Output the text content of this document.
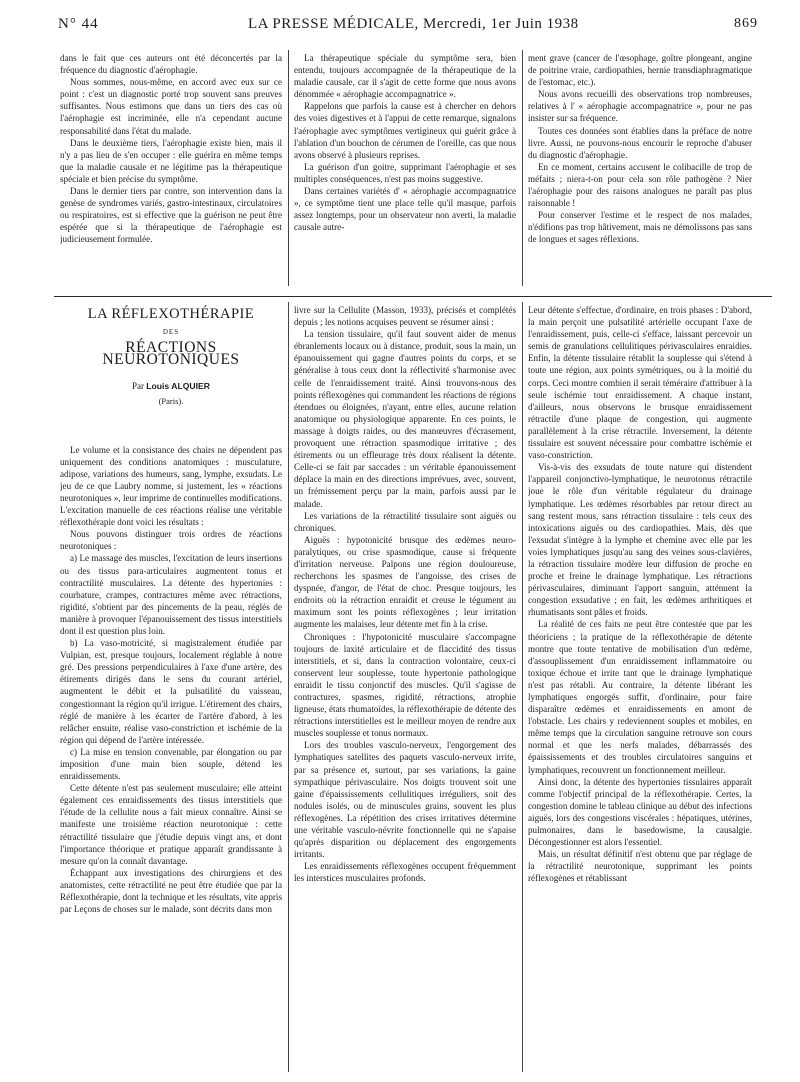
N° 44	LA PRESSE MÉDICALE, Mercredi, 1er Juin 1938	869

dans le fait que ces auteurs ont été déconcertés par la fréquence du diagnostic d'aérophagie.

Nous sommes, nous-même, en accord avec eux sur ce point : c'est un diagnostic porté trop souvent sans preuves suffisantes. Nous estimons que dans un tiers des cas où l'aérophagie est incriminée, elle n'a cependant aucune responsabilité dans l'état du malade.

Dans le deuxième tiers, l'aérophagie existe bien, mais il n'y a pas lieu de s'en occuper : elle guérira en même temps que la maladie causale et ne légitime pas la thérapeutique spéciale et bien précise du symptôme.

Dans le dernier tiers par contre, son intervention dans la genèse de syndromes variés, gastro-intestinaux, circulatoires ou respiratoires, est si effective que la guérison ne peut être espérée que si la thérapeutique de l'aérophagie est judicieusement formulée.

La thérapeutique spéciale du symptôme sera, bien entendu, toujours accompagnée de la thérapeutique de la maladie causale, car il s'agit de cette forme que nous avons dénommée « aérophagie accompagnatrice ».

Rappelons que parfois la cause est à chercher en dehors des voies digestives et à l'appui de cette remarque, signalons l'aérophagie avec symptômes vertigineux qui guérit grâce à l'ablation d'un bouchon de cérumen de l'oreille, cas que nous avons observé à plusieurs reprises.

La guérison d'un goitre, supprimant l'aérophagie et ses multiples conséquences, n'est pas moins suggestive.

Dans certaines variétés d' « aérophagie accompagnatrice », ce symptôme tient une place telle qu'il masque, parfois assez longtemps, pour un observateur non averti, la maladie causale autre-

ment grave (cancer de l'œsophage, goître plongeant, angine de poitrine vraie, cardiopathies, hernie transdiaphragmatique de l'estomac, etc.).

Nous avons recueilli des observations trop nombreuses, relatives à l' « aérophagie accompagnatrice », pour ne pas insister sur sa fréquence.

Toutes ces données sont établies dans la préface de notre livre. Aussi, ne pouvons-nous encourir le reproche d'abuser du diagnostic d'aérophagie.

En ce moment, certains accusent le colibacille de trop de méfaits ; niera-t-on pour cela son rôle pathogène ? Nier l'aérophagie pour des raisons analogues ne paraît pas plus raisonnable !

Pour conserver l'estime et le respect de nos malades, n'édifions pas trop hâtivement, mais ne démolissons pas sans de longues et sages réflexions.

LA RÉFLEXOTHÉRAPIE
DES
RÉACTIONS NEUROTONIQUES
Par Louis ALQUIER
(Paris).

Le volume et la consistance des chairs ne dépendent pas uniquement des conditions anatomiques : musculature, adipose, variations des humeurs, sang, lymphe, exsudats. Le jeu de ce que Laubry nomme, si justement, les « réactions neurotoniques », leur imprime de continuelles modifications. L'excitation manuelle de ces réactions réalise une véritable réflexothérapie dont voici les résultats :

Nous pouvons distinguer trois ordres de réactions neurotoniques :

a) Le massage des muscles, l'excitation de leurs insertions ou des tissus para-articulaires augmentent tonus et contractilité musculaires. La détente des hypertonies : courbature, crampes, contractures même avec rétractions, rigidité, s'obtient par des pincements de la peau, réglés de manière à provoquer l'épanouissement des tissus interstitiels dont il est question plus loin.

b) La vaso-motricité, si magistralement étudiée par Vulpian, est, presque toujours, localement réglable à notre gré. Des pressions perpendiculaires à l'axe d'une artère, des étirements dirigés dans le sens du courant artériel, augmentent le débit et la pulsatilité du vaisseau, congestionnant la région qu'il irrigue. L'étirement des chairs, réglé de manière à les écarter de l'artère d'abord, à les relâcher ensuite, réalise vaso-constriction et ischémie de la région qui dépend de l'artère intéressée.

c) La mise en tension convenable, par élongation ou par imposition d'une main bien souple, détend les enraidissements.

Cette détente n'est pas seulement musculaire; elle atteint également ces enraidissements des tissus interstitiels que l'étude de la cellulite nous a fait mieux connaître. Ainsi se manifeste une troisième réaction neurotonique : cette rétractilité tissulaire que j'étudie depuis vingt ans, et dont l'importance théorique et pratique apparaît grandissante à mesure qu'on la connaît davantage.

Échappant aux investigations des chirurgiens et des anatomistes, cette rétractilité ne peut être étudiée que par la Réflexothérapie, dont la technique et les résultats, vite appris par Leçons de choses sur le malade, sont décrits dans mon

livre sur la Cellulite (Masson, 1933), précisés et complétés depuis ; les notions acquises peuvent se résumer ainsi :

La tension tissulaire, qu'il faut souvent aider de menus ébranlements locaux ou à distance, produit, sous la main, un épanouissement qui gagne d'autres points du corps, et se généralise à tous ceux dont la réflectivité s'harmonise avec celle de l'enraidissement traité. Ainsi trouvons-nous des points réflexogènes qui commandent les réactions de régions étendues ou éloignées, n'ayant, entre elles, aucune relation anatomique ou physiologique apparente. En ces points, le massage à doigts raides, ou des manœuvres d'écrasement, provoquent une rétraction spasmodique irritative ; des étirements ou un effleurage très doux réalisent la détente. Celle-ci se fait par saccades : un véritable épanouissement déplace la main en des directions imprévues, avec, souvent, un frémissement perçu par la main, parfois aussi par le malade.

Les variations de la rétractilité tissulaire sont aiguës ou chroniques.

Aiguës : hypotonicité brusque des œdèmes neuro-paralytiques, ou crise spasmodique, cause si fréquente d'irritation nerveuse. Palpons une région douloureuse, recherchons les spasmes de l'angoisse, des crises de dyspnée, d'angor, de l'état de choc. Presque toujours, les endroits où la rétraction enraidit et creuse le tégument au maximum sont les points réflexogènes ; leur irritation augmente les malaises, leur détente met fin à la crise.

Chroniques : l'hypotonicité musculaire s'accompagne toujours de laxité articulaire et de flaccidité des tissus interstitiels, et si, dans la contraction volontaire, ceux-ci conservent leur souplesse, toute hypertonie pathologique enraidit le tissu conjonctif des muscles. Qu'il s'agisse de contractures, spasmes, rigidité, rétractions, atrophie ligneuse, états rhumatoïdes, la réflexothérapie de détente des rétractions interstitielles est le meilleur moyen de rendre aux muscles souplesse et tonus normaux.

Lors des troubles vasculo-nerveux, l'engorgement des lymphatiques satellites des paquets vasculo-nerveux irrite, par sa présence et, surtout, par ses variations, la gaine sympathique périvasculaire. Nos doigts trouvent soit une gaine d'épaississements cellulitiques irréguliers, soit des nodules isolés, ou de minuscules grains, souvent les plus réflexogènes. La répétition des crises irritatives détermine une véritable vasculo-névrite fonctionnelle qui ne s'apaise qu'après disparition ou déplacement des engorgements irritants.

Les enraidissements réflexogènes occupent fréquemment les interstices musculaires profonds.

Leur détente s'effectue, d'ordinaire, en trois phases : D'abord, la main perçoit une pulsatilité artérielle occupant l'axe de l'enraidissement, puis, celle-ci s'efface, laissant percevoir un semis de granulations cellulitiques périvasculaires enraidies. Enfin, la détente tissulaire rétablit la souplesse qui s'étend à toute une région, aux points symétriques, ou à la moitié du corps. Ceci montre combien il serait téméraire d'attribuer à la seule ischémie tout enraidissement. A chaque instant, d'ailleurs, nous observons le brusque enraidissement rétractile d'une plaque de congestion, qui augmente parallèlement à la crise rétractile. Inversement, la détente tissulaire est souvent nécessaire pour combattre ischémie et vaso-constriction.

Vis-à-vis des exsudats de toute nature qui distendent l'appareil conjonctivo-lymphatique, le neurotonus rétractile joue le rôle d'un véritable régulateur du drainage lymphatique. Les œdèmes résorbables par retour direct au sang restent mous, sans rétraction tissulaire : tels ceux des intoxications aiguës ou des cardiopathies. Mais, dès que l'exsudat s'intègre à la lymphe et chemine avec elle par les voies lymphatiques jusqu'au sang des veines sous-clavières, la rétraction tissulaire modère leur diffusion de proche en proche et freine le drainage lymphatique. Les rétractions périvasculaires, diminuant l'apport sanguin, atténuent la congestion exsudative ; en fait, les œdèmes arthritiques et rhumatisants sont pâles et froids.

La réalité de ces faits ne peut être contestée que par les théoriciens ; la pratique de la réflexothérapie de détente montre que toute tentative de mobilisation d'un œdème, d'assouplissement d'un enraidissement inflammatoire ou toxique échoue et irrite tant que le drainage lymphatique n'est pas rétabli. Au contraire, la détente libérant les lymphatiques engorgés suffit, d'ordinaire, pour faire disparaître œdèmes et enraidissements en amont de l'obstacle. Les chairs y redeviennent souples et mobiles, en même temps que la circulation sanguine retrouve son cours normal et que les nerfs malades, débarrassés des épaississements et des troubles circulatoires sanguins et lymphatiques, recouvrent un fonctionnement meilleur.

Ainsi donc, la détente des hypertonies tissulaires apparaît comme l'objectif principal de la réflexothérapie. Certes, la congestion domine le tableau clinique au début des infections aiguës, lors des congestions viscérales : hépatiques, utérines, pulmonaires, dans le basedowisme, la causalgie. Décongestionner est alors l'essentiel.

Mais, un résultat définitif n'est obtenu que par réglage de la rétractilité neurotonique, supprimant les points réflexogènes et rétablissant
